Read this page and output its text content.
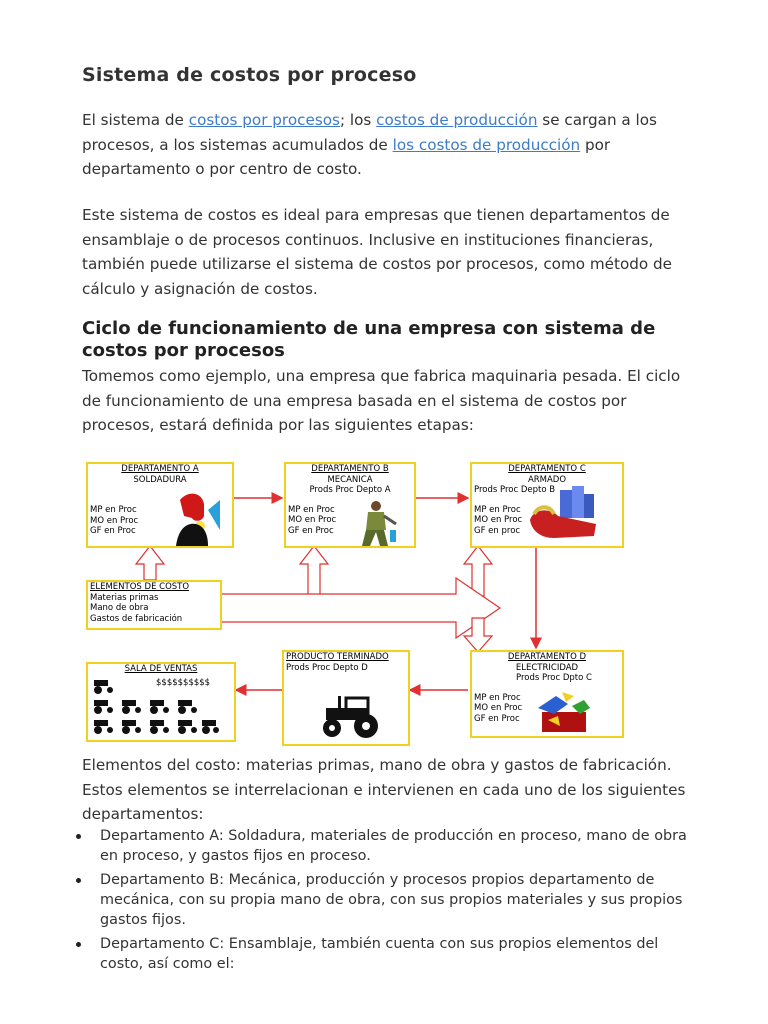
Sistema de costos por proceso

El sistema de costos por procesos; los costos de producción se cargan a los procesos, a los sistemas acumulados de los costos de producción por departamento o por centro de costo.

Este sistema de costos es ideal para empresas que tienen departamentos de ensamblaje o de procesos continuos. Inclusive en instituciones financieras, también puede utilizarse el sistema de costos por procesos, como método de cálculo y asignación de costos.

Ciclo de funcionamiento de una empresa con sistema de costos por procesos

Tomemos como ejemplo, una empresa que fabrica maquinaria pesada. El ciclo de funcionamiento de una empresa basada en el sistema de costos por procesos, estará definida por las siguientes etapas:

Elementos del costo: materias primas, mano de obra y gastos de fabricación. Estos elementos se interrelacionan e intervienen en cada uno de los siguientes departamentos:

Departamento A: Soldadura, materiales de producción en proceso, mano de obra en proceso, y gastos fijos en proceso.
Departamento B: Mecánica, producción y procesos propios departamento de mecánica, con su propia mano de obra, con sus propios materiales y sus propios gastos fijos.
Departamento C: Ensamblaje, también cuenta con sus propios elementos del costo, así como el:
DEPARTAMENTO A
SOLDADURA
MP en Proc
MO en Proc
GF en Proc
DEPARTAMENTO B
MECANICA
Prods Proc Depto A
MP en Proc
MO en Proc
GF en Proc
DEPARTAMENTO C
ARMADO
Prods Proc Depto B
MP en Proc
MO en Proc
GF en proc
ELEMENTOS DE COSTO
Materias primas
Mano de obra
Gastos de fabricación
SALA DE VENTAS
$$$$$$$$$$
PRODUCTO TERMINADO
Prods Proc Depto D
DEPARTAMENTO D
ELECTRICIDAD
Prods Proc Dpto C
MP en Proc
MO en Proc
GF en Proc
